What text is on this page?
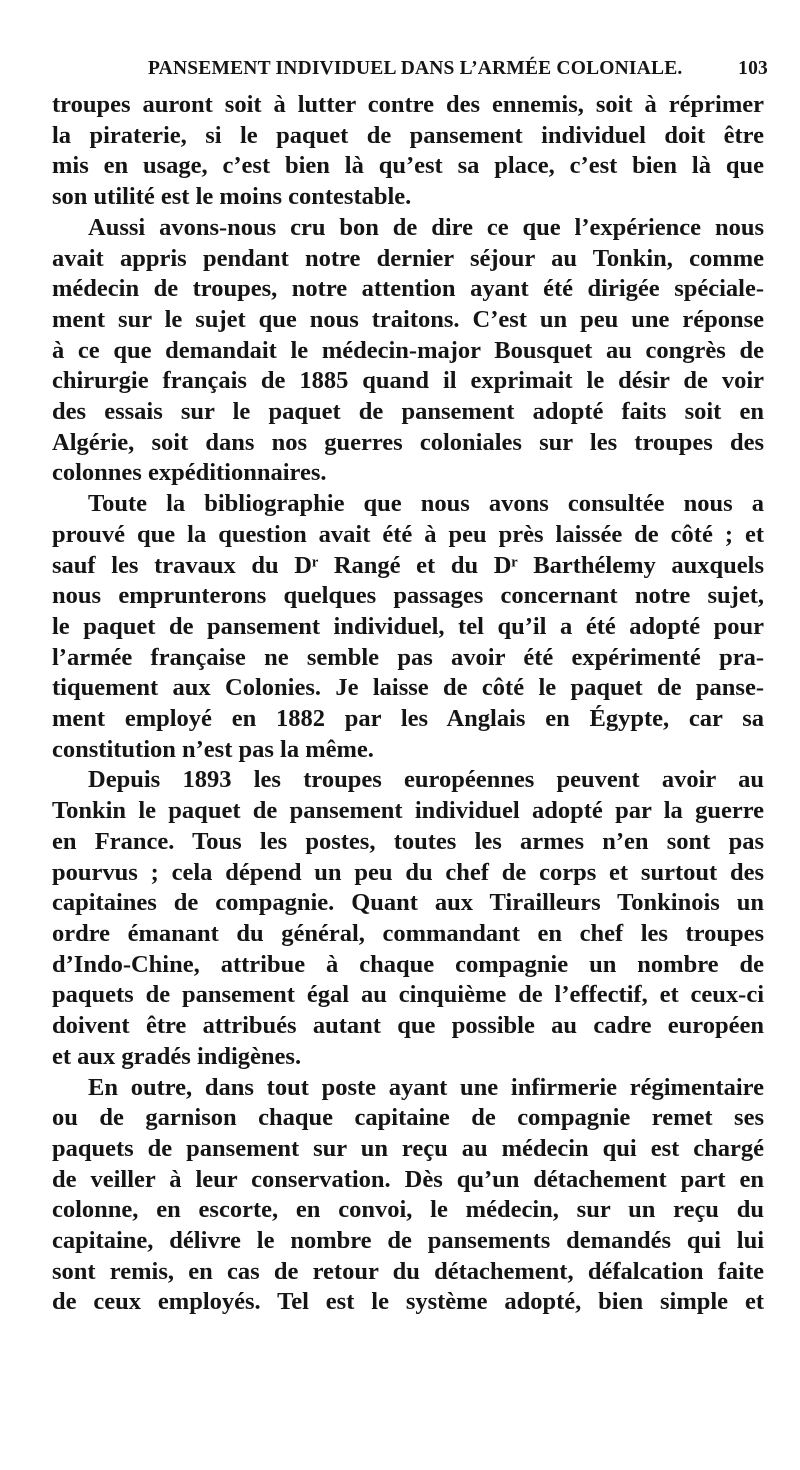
PANSEMENT INDIVIDUEL DANS L’ARMÉE COLONIALE.	103

troupes auront soit à lutter contre des ennemis, soit à réprimer
la piraterie, si le paquet de pansement individuel doit être
mis en usage, c’est bien là qu’est sa place, c’est bien là que
son utilité est le moins contestable.

Aussi avons-nous cru bon de dire ce que l’expérience nous
avait appris pendant notre dernier séjour au Tonkin, comme
médecin de troupes, notre attention ayant été dirigée spéciale-
ment sur le sujet que nous traitons. C’est un peu une réponse
à ce que demandait le médecin-major Bousquet au congrès de
chirurgie français de 1885 quand il exprimait le désir de voir
des essais sur le paquet de pansement adopté faits soit en
Algérie, soit dans nos guerres coloniales sur les troupes des
colonnes expéditionnaires.

Toute la bibliographie que nous avons consultée nous a
prouvé que la question avait été à peu près laissée de côté ; et
sauf les travaux du Dʳ Rangé et du Dʳ Barthélemy auxquels
nous emprunterons quelques passages concernant notre sujet,
le paquet de pansement individuel, tel qu’il a été adopté pour
l’armée française ne semble pas avoir été expérimenté pra-
tiquement aux Colonies. Je laisse de côté le paquet de panse-
ment employé en 1882 par les Anglais en Égypte, car sa
constitution n’est pas la même.

Depuis 1893 les troupes européennes peuvent avoir au
Tonkin le paquet de pansement individuel adopté par la guerre
en France. Tous les postes, toutes les armes n’en sont pas
pourvus ; cela dépend un peu du chef de corps et surtout des
capitaines de compagnie. Quant aux Tirailleurs Tonkinois un
ordre émanant du général, commandant en chef les troupes
d’Indo-Chine, attribue à chaque compagnie un nombre de
paquets de pansement égal au cinquième de l’effectif, et ceux-ci
doivent être attribués autant que possible au cadre européen
et aux gradés indigènes.

En outre, dans tout poste ayant une infirmerie régimentaire
ou de garnison chaque capitaine de compagnie remet ses
paquets de pansement sur un reçu au médecin qui est chargé
de veiller à leur conservation. Dès qu’un détachement part en
colonne, en escorte, en convoi, le médecin, sur un reçu du
capitaine, délivre le nombre de pansements demandés qui lui
sont remis, en cas de retour du détachement, défalcation faite
de ceux employés. Tel est le système adopté, bien simple et
